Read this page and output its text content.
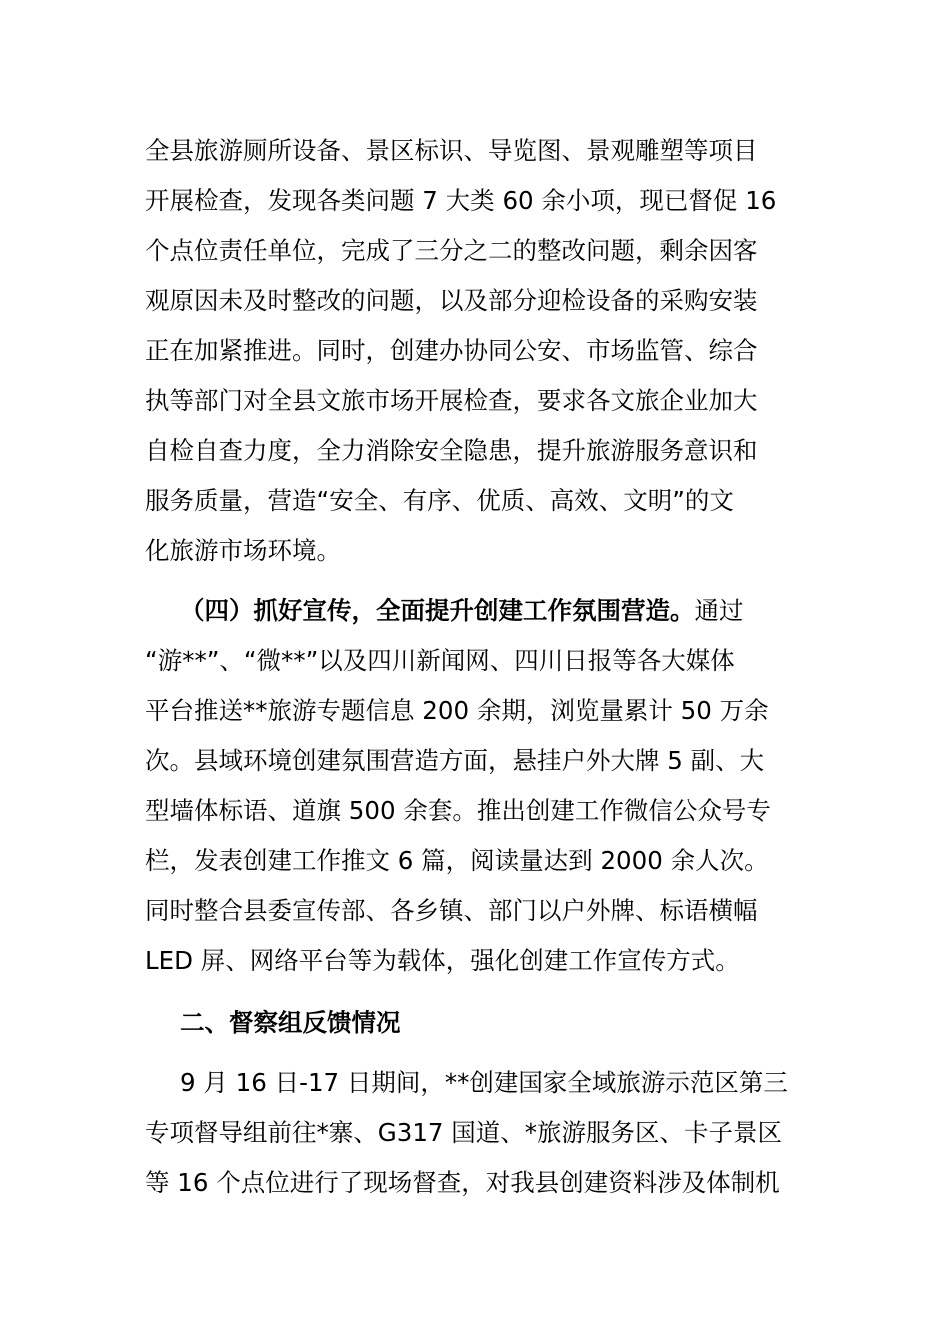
全县旅游厕所设备、景区标识、导览图、景观雕塑等项目
开展检查，发现各类问题 7 大类 60 余小项，现已督促 16
个点位责任单位，完成了三分之二的整改问题，剩余因客
观原因未及时整改的问题，以及部分迎检设备的采购安装
正在加紧推进。同时，创建办协同公安、市场监管、综合
执等部门对全县文旅市场开展检查，要求各文旅企业加大
自检自查力度，全力消除安全隐患，提升旅游服务意识和
服务质量，营造“安全、有序、优质、高效、文明”的文
化旅游市场环境。
（四）抓好宣传，全面提升创建工作氛围营造。通过
“游**”、“微**”以及四川新闻网、四川日报等各大媒体
平台推送**旅游专题信息 200 余期，浏览量累计 50 万余
次。县域环境创建氛围营造方面，悬挂户外大牌 5 副、大
型墙体标语、道旗 500 余套。推出创建工作微信公众号专
栏，发表创建工作推文 6 篇，阅读量达到 2000 余人次。
同时整合县委宣传部、各乡镇、部门以户外牌、标语横幅
LED 屏、网络平台等为载体，强化创建工作宣传方式。
二、督察组反馈情况
9 月 16 日-17 日期间，**创建国家全域旅游示范区第三
专项督导组前往*寨、G317 国道、*旅游服务区、卡子景区
等 16 个点位进行了现场督查，对我县创建资料涉及体制机
